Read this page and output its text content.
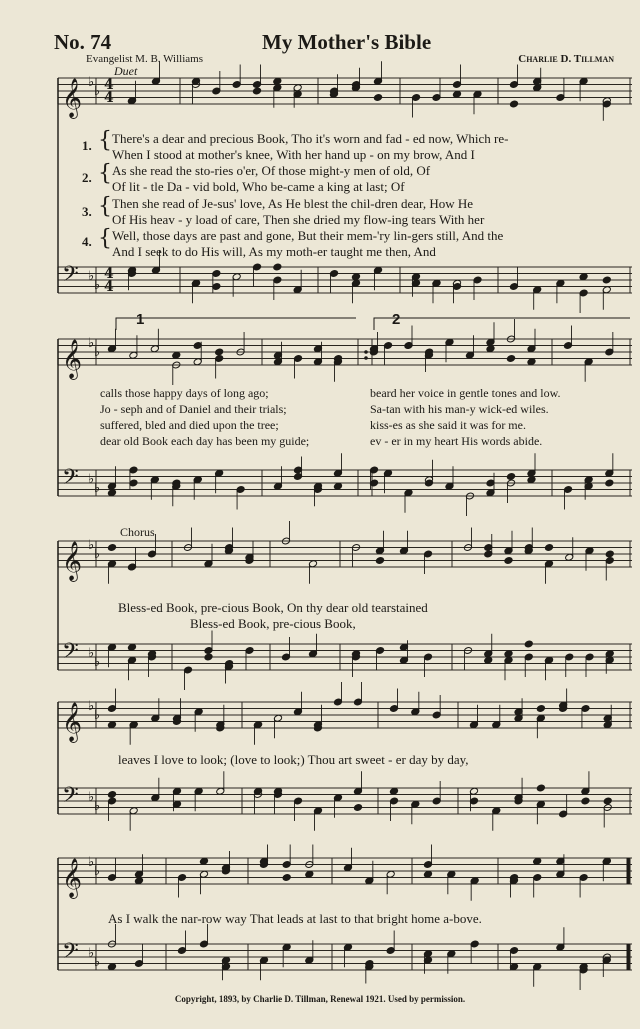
No. 74	My Mother's Bible
Evangelist M. B. Williams	Charlie D. Tillman
Duet
𝄞 ♭
♭ 4
4
𝄢 ♭
♭
4
4
𝄞 ♭
♭
𝄢 ♭
♭
𝄞 ♭
♭
𝄢 ♭
♭
𝄞 ♭
♭
𝄢 ♭
♭
𝄞 ♭
♭
𝄢 ♭
♭
1.
2.
3.
4.
{
{
{
{
There's a dear and precious Book, Tho it's worn and fad - ed now, Which re-
When I stood at mother's knee, With her hand up - on my brow, And I
As she read the sto-ries o'er, Of those might-y men of old, Of
Of lit - tle Da - vid bold, Who be-came a king at last; Of
Then she read of Je-sus' love, As He blest the chil-dren dear, How He
Of His heav - y load of care, Then she dried my flow-ing tears With her
Well, those days are past and gone, But their mem-'ry lin-gers still, And the
And I seek to do His will, As my moth-er taught me then, And
1	2
calls those happy days of long ago;	beard her voice in gentle tones and low.
Jo - seph and of Daniel and their trials;	Sa-tan with his man-y wick-ed wiles.
suffered, bled and died upon the tree;	kiss-es as she said it was for me.
dear old Book each day has been my guide;	ev - er in my heart His words abide.
Chorus
Bless-ed Book, pre-cious Book, On thy dear old tearstained
Bless-ed Book, pre-cious Book,
leaves I love to look; (love to look;) Thou art sweet - er day by day,
As I walk the nar-row way That leads at last to that bright home a-bove.
Copyright, 1893, by Charlie D. Tillman, Renewal 1921. Used by permission.
